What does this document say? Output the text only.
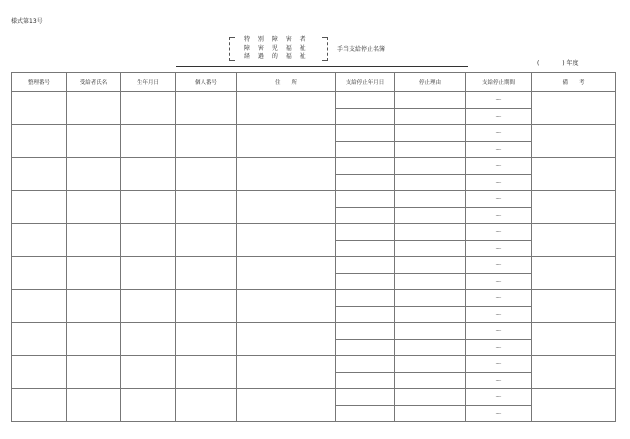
様式第13号
特 別 障 害 者
障 害 児 福 祉
経 過 的 福 祉
手当支給停止名簿
(            ) 年度
整理番号	受給者氏名	生年月日	個人番号	住　　所	支給停止年月日	停止理由	支給停止期間	備　　考
							～	
							～	
							～	
							～	
							～	
							～	
							～	
							～	
							～	
							～	
							～	
							～	
							～	
							～	
							～	
							～	
							～	
							～	
							～	
							～	
